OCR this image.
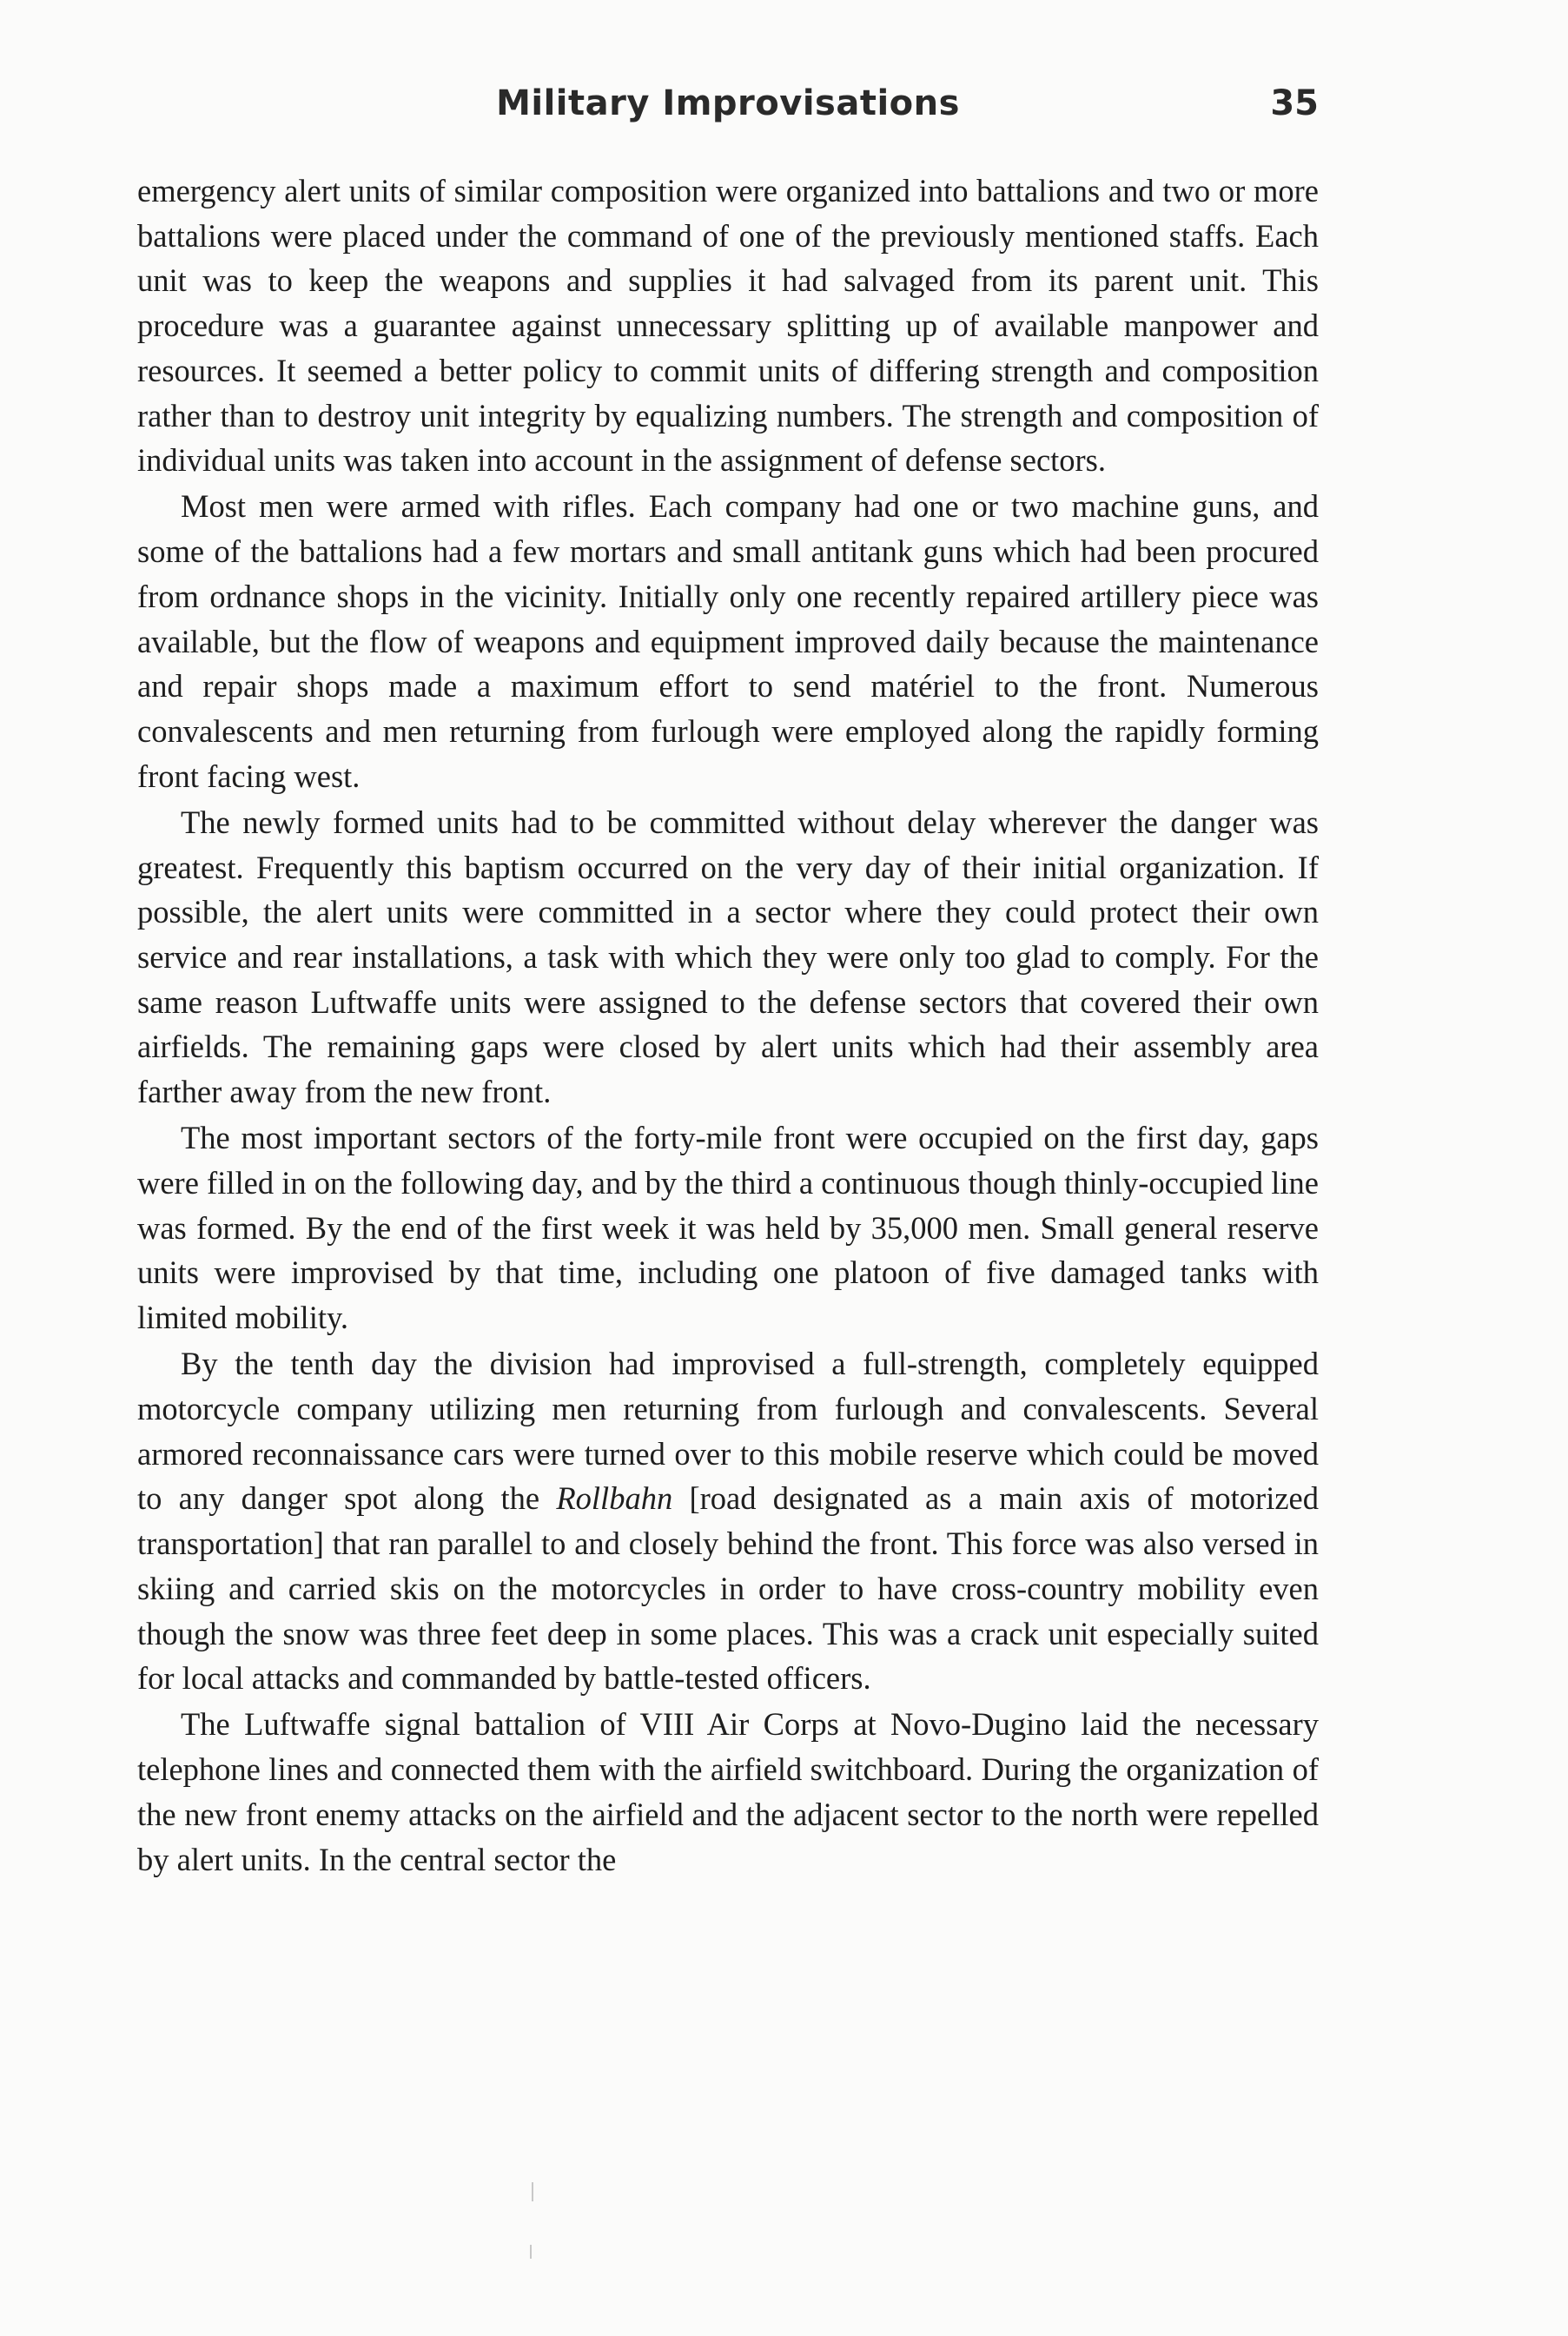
Military Improvisations	35

emergency alert units of similar composition were organized into battalions and two or more battalions were placed under the command of one of the previously mentioned staffs. Each unit was to keep the weapons and supplies it had salvaged from its parent unit. This procedure was a guarantee against unnecessary splitting up of available manpower and resources. It seemed a better policy to commit units of differing strength and composition rather than to destroy unit integrity by equalizing numbers. The strength and composition of individual units was taken into account in the assignment of defense sectors.

Most men were armed with rifles. Each company had one or two machine guns, and some of the battalions had a few mortars and small antitank guns which had been procured from ordnance shops in the vicinity. Initially only one recently repaired artillery piece was available, but the flow of weapons and equipment improved daily because the maintenance and repair shops made a maximum effort to send matériel to the front. Numerous convalescents and men returning from furlough were employed along the rapidly forming front facing west.

The newly formed units had to be committed without delay wherever the danger was greatest. Frequently this baptism occurred on the very day of their initial organization. If possible, the alert units were committed in a sector where they could protect their own service and rear installations, a task with which they were only too glad to comply. For the same reason Luftwaffe units were assigned to the defense sectors that covered their own airfields. The remaining gaps were closed by alert units which had their assembly area farther away from the new front.

The most important sectors of the forty-mile front were occupied on the first day, gaps were filled in on the following day, and by the third a continuous though thinly-occupied line was formed. By the end of the first week it was held by 35,000 men. Small general reserve units were improvised by that time, including one platoon of five damaged tanks with limited mobility.

By the tenth day the division had improvised a full-strength, completely equipped motorcycle company utilizing men returning from furlough and convalescents. Several armored reconnaissance cars were turned over to this mobile reserve which could be moved to any danger spot along the Rollbahn [road designated as a main axis of motorized transportation] that ran parallel to and closely behind the front. This force was also versed in skiing and carried skis on the motorcycles in order to have cross-country mobility even though the snow was three feet deep in some places. This was a crack unit especially suited for local attacks and commanded by battle-tested officers.

The Luftwaffe signal battalion of VIII Air Corps at Novo-Dugino laid the necessary telephone lines and connected them with the airfield switchboard. During the organization of the new front enemy attacks on the airfield and the adjacent sector to the north were repelled by alert units. In the central sector the
